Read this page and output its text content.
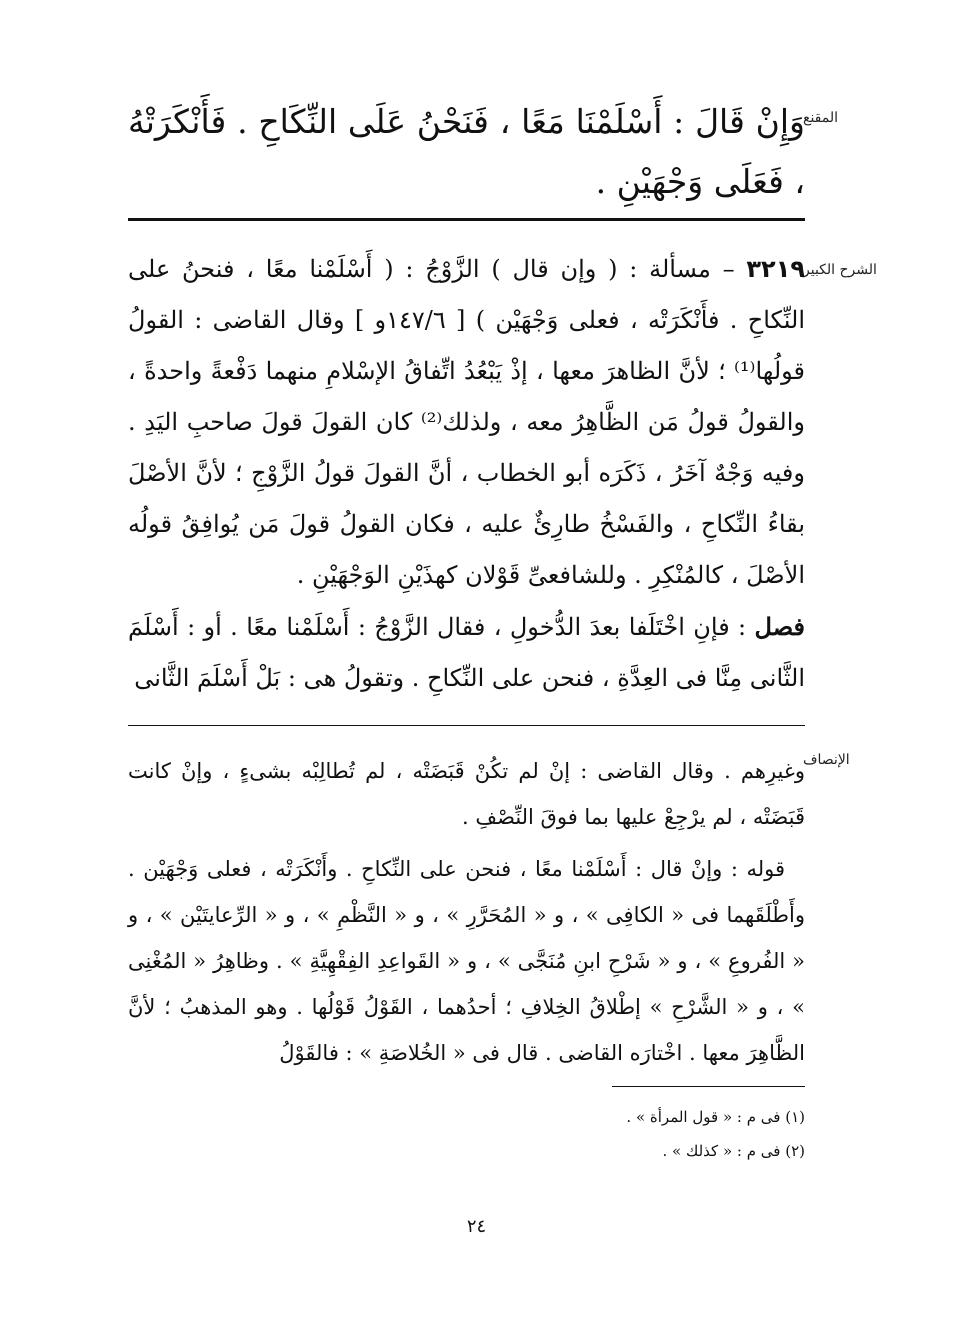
المقنع

وَإِنْ قَالَ : أَسْلَمْنَا مَعًا ، فَنَحْنُ عَلَى النِّكَاحِ . فَأَنْكَرَتْهُ ، فَعَلَى وَجْهَيْنِ .

الشرح الكبير

٣٢١٩ – مسألة : ( وإن قال ) الزَّوْجُ : ( أَسْلَمْنا معًا ، فنحنُ على النِّكاحِ . فأَنْكَرَتْه ، فعلى وَجْهَيْن ) [ ١٤٧/٦و ] وقال القاضى : القولُ قولُها⁽¹⁾ ؛ لأنَّ الظاهرَ معها ، إذْ يَبْعُدُ اتِّفاقُ الإسْلامِ منهما دَفْعةً واحدةً ، والقولُ قولُ مَن الظَّاهِرُ معه ، ولذلك⁽²⁾ كان القولَ قولَ صاحبِ اليَدِ . وفيه وَجْهٌ آخَرُ ، ذَكَرَه أبو الخطاب ، أنَّ القولَ قولُ الزَّوْجِ ؛ لأنَّ الأصْلَ بقاءُ النِّكاحِ ، والفَسْخُ طارِئٌ عليه ، فكان القولُ قولَ مَن يُوافِقُ قولُه الأصْلَ ، كالمُنْكِرِ . وللشافعىِّ قَوْلان كهذَيْنِ الوَجْهَيْنِ .

فصل : فإنِ اخْتَلَفا بعدَ الدُّخولِ ، فقال الزَّوْجُ : أَسْلَمْنا معًا . أو : أَسْلَمَ الثَّانى مِنَّا فى العِدَّةِ ، فنحن على النِّكاحِ . وتقولُ هى : بَلْ أَسْلَمَ الثَّانى

الإنصاف

وغيرِهم . وقال القاضى : إنْ لم تكُنْ قَبَضَتْه ، لم تُطالِبْه بشىءٍ ، وإنْ كانت قَبَضَتْه ، لم يرْجِعْ عليها بما فوقَ النِّصْفِ .

قوله : وإنْ قال : أَسْلَمْنا معًا ، فنحن على النِّكاحِ . وأَنْكَرَتْه ، فعلى وَجْهَيْن . وأَطْلَقَهما فى « الكافِى » ، و « المُحَرَّرِ » ، و « النَّظْمِ » ، و « الرِّعايتَيْن » ، و « الفُروعِ » ، و « شَرْحِ ابنِ مُنَجَّى » ، و « القَواعِدِ الفِقْهِيَّةِ » . وظاهِرُ « المُغْنِى » ، و « الشَّرْحِ » إطْلاقُ الخِلافِ ؛ أحدُهما ، القَوْلُ قَوْلُها . وهو المذهبُ ؛ لأنَّ الظَّاهِرَ معها . اخْتارَه القاضى . قال فى « الخُلاصَةِ » : فالقَوْلُ

(١) فى م : « قول المرأة » .

(٢) فى م : « كذلك » .

٢٤
